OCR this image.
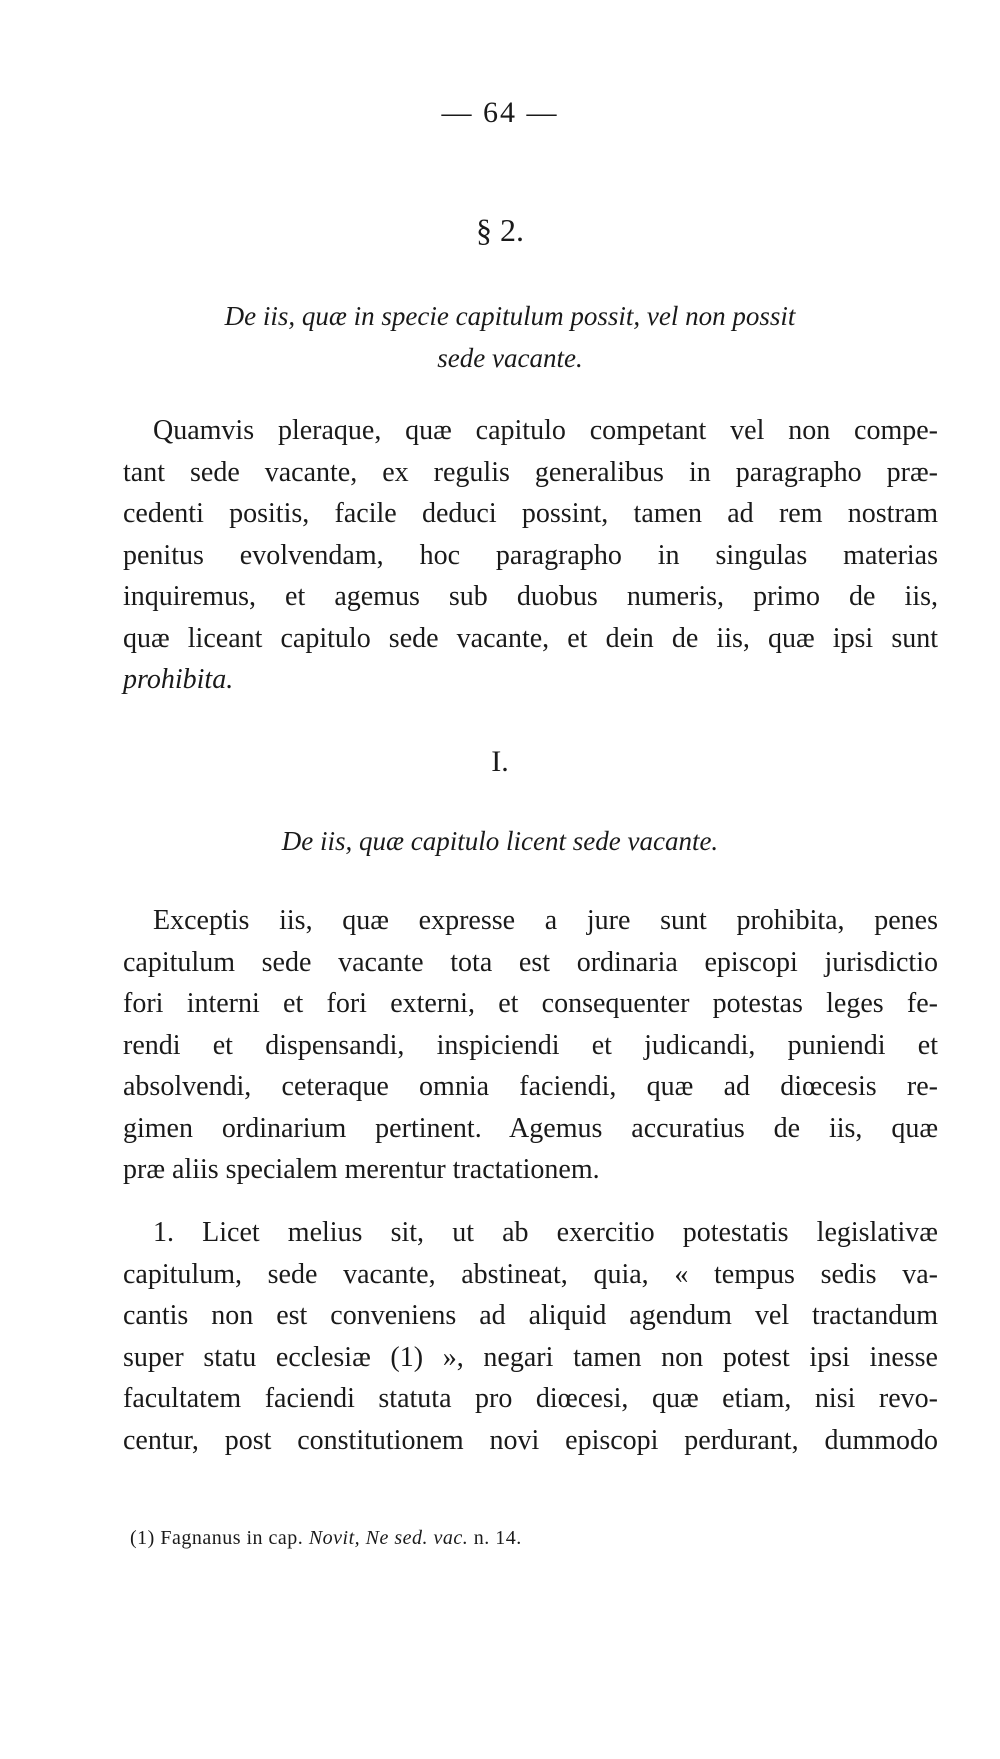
— 64 —
§ 2.
De iis, quæ in specie capitulum possit, vel non possit
sede vacante.
Quamvis pleraque, quæ capitulo competant vel non compe-
tant sede vacante, ex regulis generalibus in paragrapho præ-
cedenti positis, facile deduci possint, tamen ad rem nostram
penitus evolvendam, hoc paragrapho in singulas materias
inquiremus, et agemus sub duobus numeris, primo de iis,
quæ liceant capitulo sede vacante, et dein de iis, quæ ipsi sunt
prohibita.
I.
De iis, quæ capitulo licent sede vacante.
Exceptis iis, quæ expresse a jure sunt prohibita, penes
capitulum sede vacante tota est ordinaria episcopi jurisdictio
fori interni et fori externi, et consequenter potestas leges fe-
rendi et dispensandi, inspiciendi et judicandi, puniendi et
absolvendi, ceteraque omnia faciendi, quæ ad diœcesis re-
gimen ordinarium pertinent. Agemus accuratius de iis, quæ
præ aliis specialem merentur tractationem.
1. Licet melius sit, ut ab exercitio potestatis legislativæ
capitulum, sede vacante, abstineat, quia, « tempus sedis va-
cantis non est conveniens ad aliquid agendum vel tractandum
super statu ecclesiæ (1) », negari tamen non potest ipsi inesse
facultatem faciendi statuta pro diœcesi, quæ etiam, nisi revo-
centur, post constitutionem novi episcopi perdurant, dummodo
(1) Fagnanus in cap. Novit, Ne sed. vac. n. 14.
